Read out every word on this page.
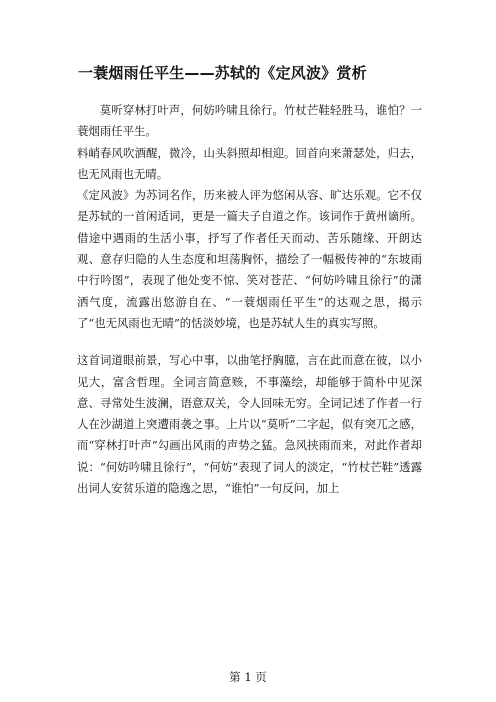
一蓑烟雨任平生——苏轼的《定风波》赏析

莫听穿林打叶声，何妨吟啸且徐行。竹杖芒鞋轻胜马，谁怕？一蓑烟雨任平生。

料峭春风吹酒醒，微冷，山头斜照却相迎。回首向来萧瑟处，归去，也无风雨也无晴。

《定风波》为苏词名作，历来被人评为悠闲从容、旷达乐观。它不仅是苏轼的一首闲适词，更是一篇夫子自道之作。该词作于黄州谪所。借途中遇雨的生活小事，抒写了作者任天而动、苦乐随缘、开朗达观、意存归隐的人生态度和坦荡胸怀，描绘了一幅极传神的“东坡雨中行吟图”，表现了他处变不惊、笑对苍茫、“何妨吟啸且徐行”的潇洒气度，流露出悠游自在、“一蓑烟雨任平生”的达观之思，揭示了“也无风雨也无晴”的恬淡妙境，也是苏轼人生的真实写照。

这首词道眼前景，写心中事，以曲笔抒胸臆，言在此而意在彼，以小见大，富含哲理。全词言简意赅，不事藻绘，却能够于简朴中见深意、寻常处生波澜，语意双关，令人回味无穷。全词记述了作者一行人在沙湖道上突遭雨袭之事。上片以“莫听”二字起，似有突兀之感，而“穿林打叶声”勾画出风雨的声势之猛。急风挟雨而来，对此作者却说：“何妨吟啸且徐行”，“何妨”表现了词人的淡定，“竹杖芒鞋”透露出词人安贫乐道的隐逸之思，“谁怕”一句反问，加上

第 1 页
